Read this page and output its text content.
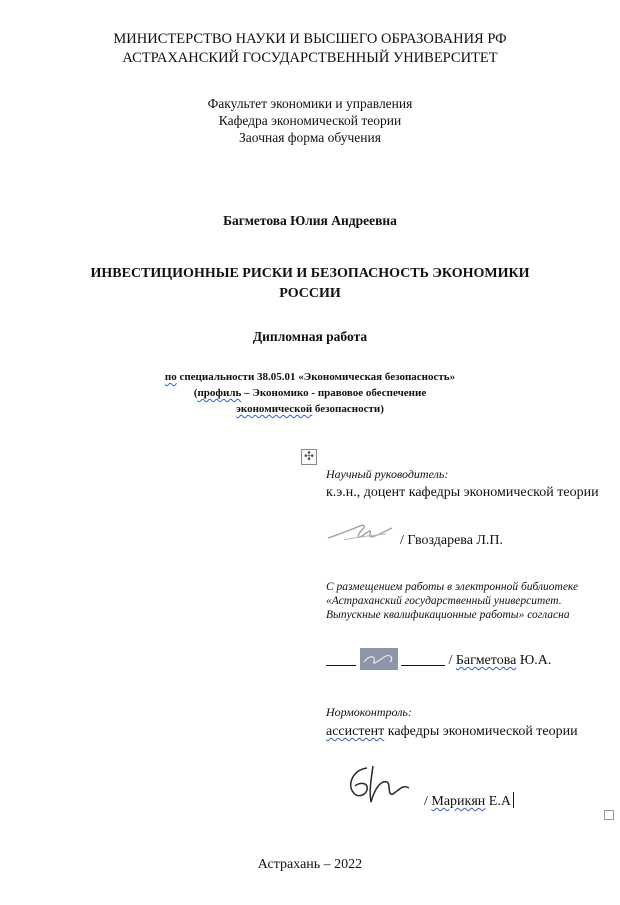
МИНИСТЕРСТВО НАУКИ И ВЫСШЕГО ОБРАЗОВАНИЯ РФ
АСТРАХАНСКИЙ ГОСУДАРСТВЕННЫЙ УНИВЕРСИТЕТ
Факультет экономики и управления
Кафедра экономической теории
Заочная форма обучения
Багметова Юлия Андреевна
ИНВЕСТИЦИОННЫЕ РИСКИ И БЕЗОПАСНОСТЬ ЭКОНОМИКИ
РОССИИ
Дипломная работа
по специальности 38.05.01 «Экономическая безопасность»
(профиль – Экономико - правовое обеспечение
экономической безопасности)
✣
Научный руководитель:
к.э.н., доцент кафедры экономической теории
/ Гвоздарева Л.П.
С размещением работы в электронной библиотеке «Астраханский государственный университет. Выпускные квалификационные работы» согласна

/ Багметова Ю.А.
Нормоконтроль:
ассистент кафедры экономической теории
/ Марикян Е.А
Астрахань – 2022
